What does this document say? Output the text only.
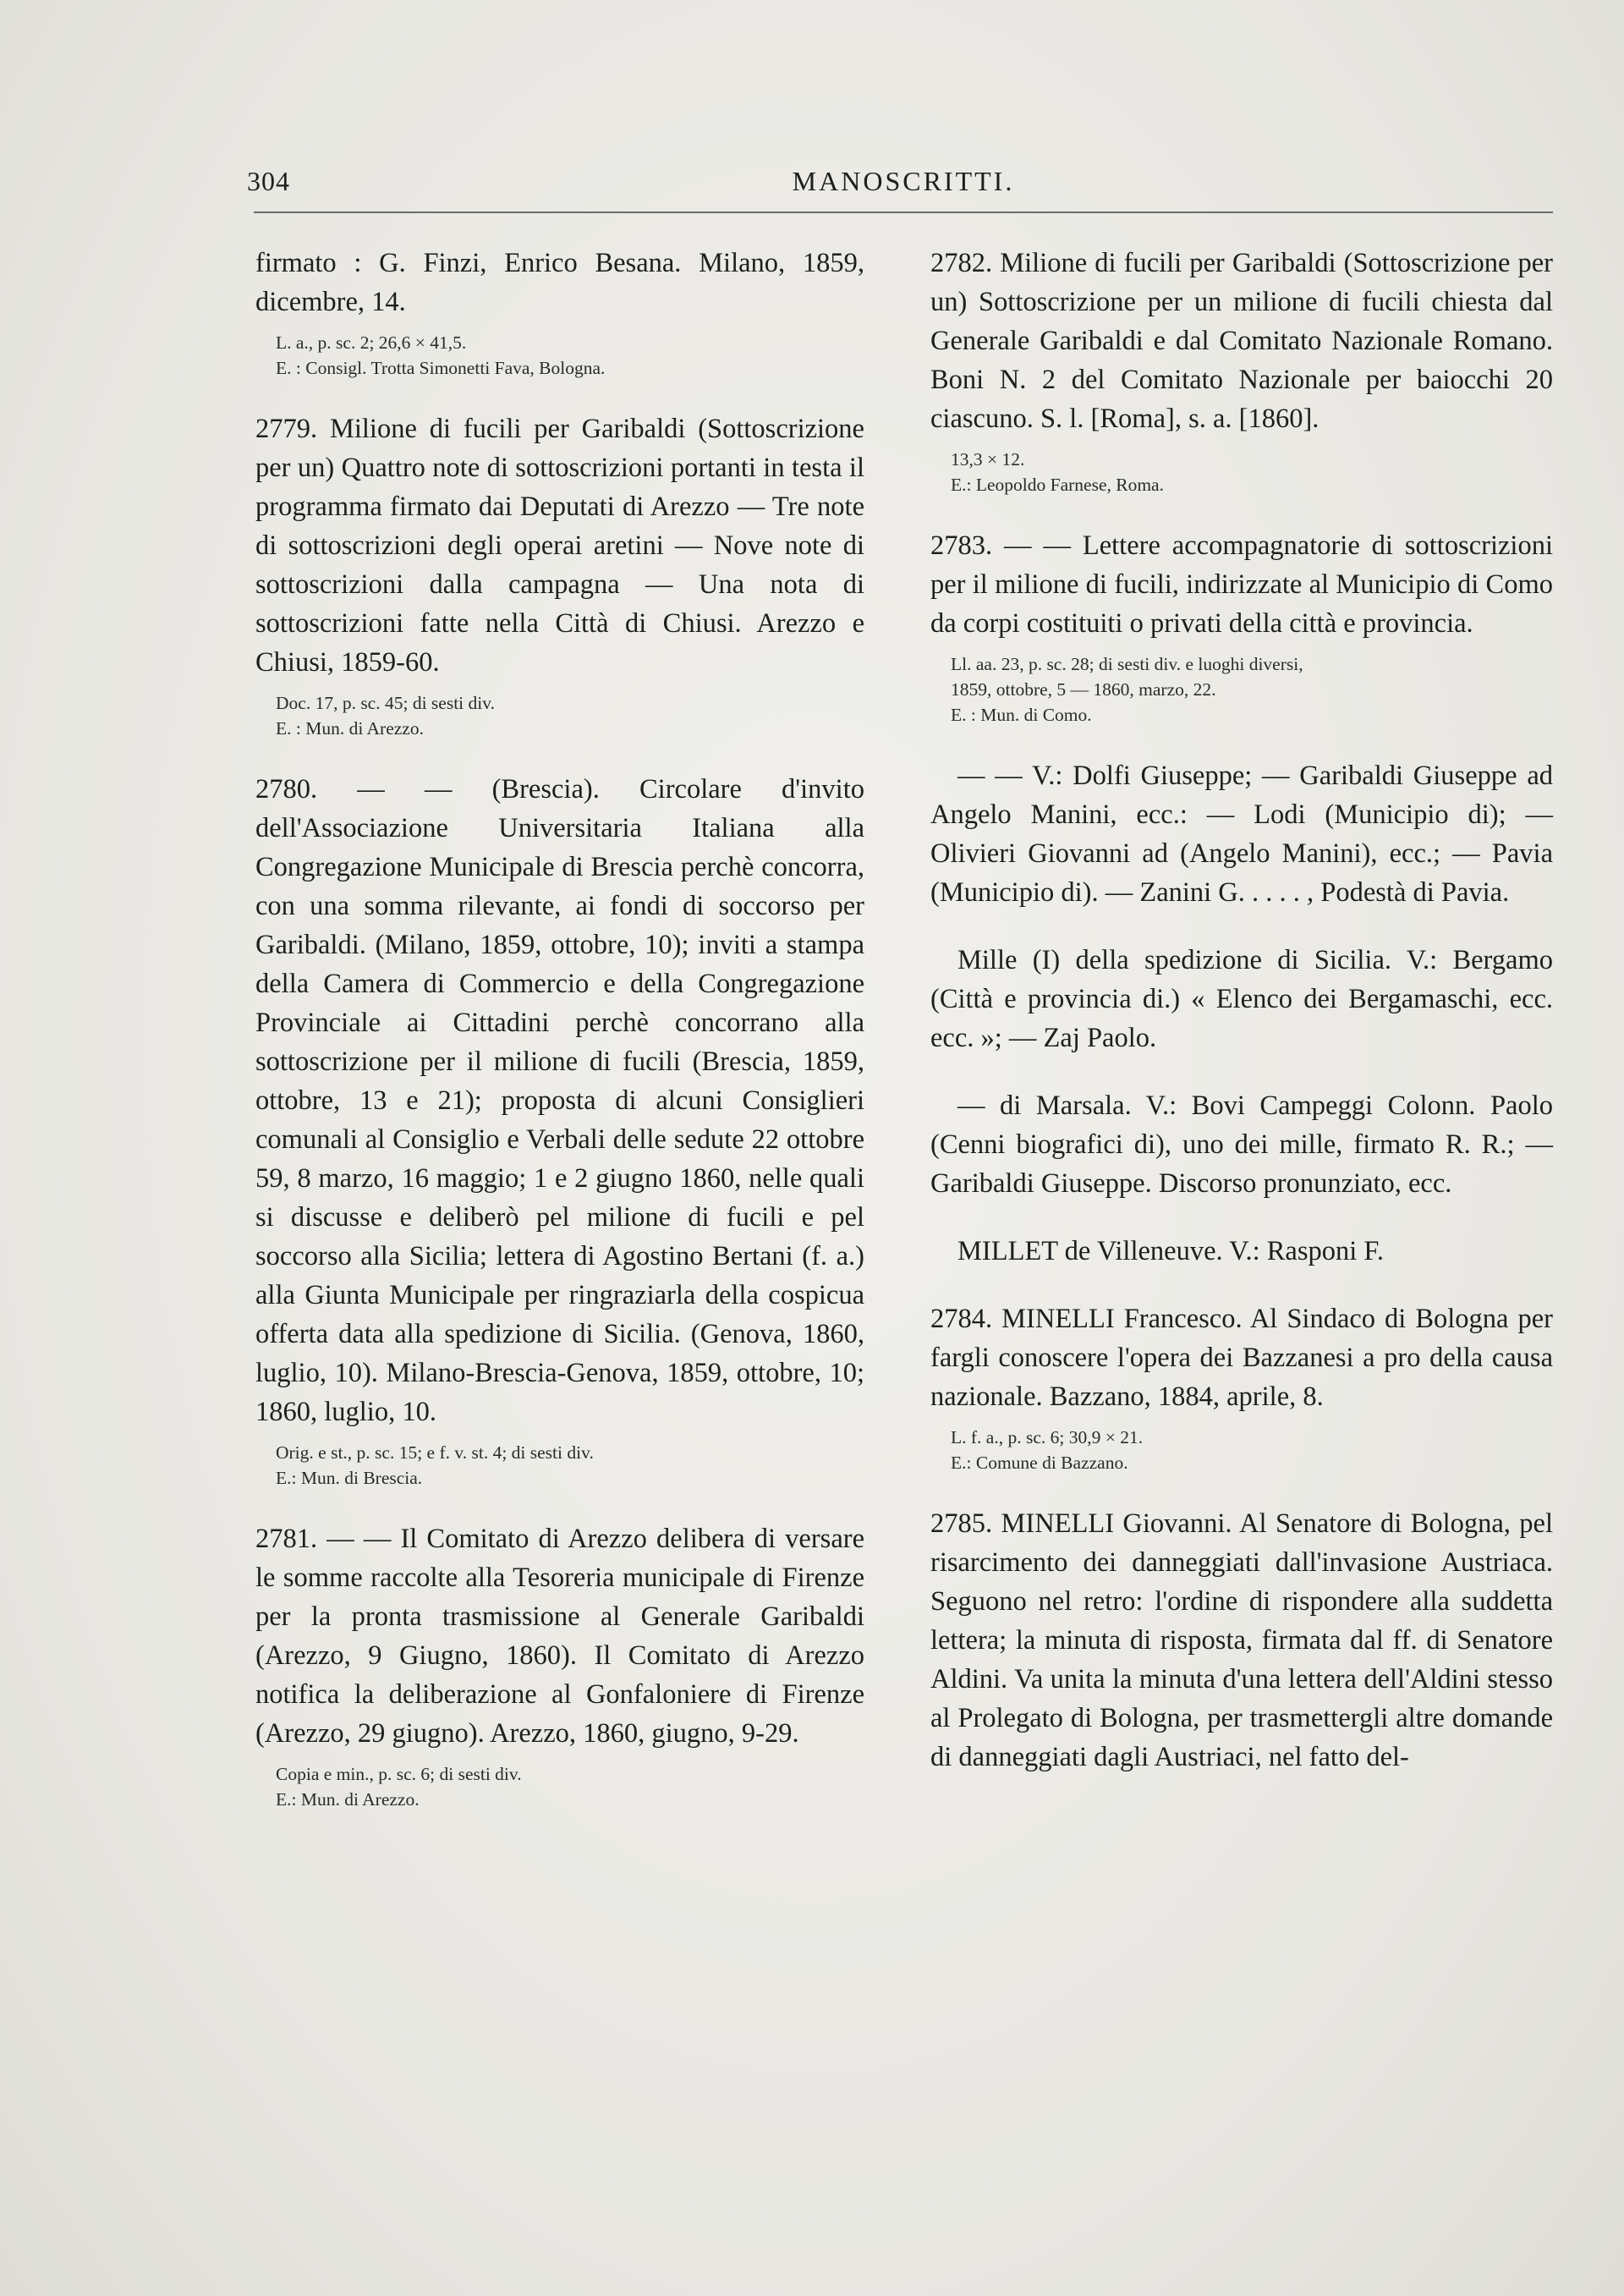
304	MANOSCRITTI.

firmato : G. Finzi, Enrico Besana. Milano, 1859, dicembre, 14.

L. a., p. sc. 2; 26,6 × 41,5.
E. : Consigl. Trotta Simonetti Fava, Bologna.

2779. Milione di fucili per Garibaldi (Sottoscrizione per un) Quattro note di sottoscrizioni portanti in testa il programma firmato dai Deputati di Arezzo — Tre note di sottoscrizioni degli operai aretini — Nove note di sottoscrizioni dalla campagna — Una nota di sottoscrizioni fatte nella Città di Chiusi. Arezzo e Chiusi, 1859-60.

Doc. 17, p. sc. 45; di sesti div.
E. : Mun. di Arezzo.

2780. — — (Brescia). Circolare d'invito dell'Associazione Universitaria Italiana alla Congregazione Municipale di Brescia perchè concorra, con una somma rilevante, ai fondi di soccorso per Garibaldi. (Milano, 1859, ottobre, 10); inviti a stampa della Camera di Commercio e della Congregazione Provinciale ai Cittadini perchè concorrano alla sottoscrizione per il milione di fucili (Brescia, 1859, ottobre, 13 e 21); proposta di alcuni Consiglieri comunali al Consiglio e Verbali delle sedute 22 ottobre 59, 8 marzo, 16 maggio; 1 e 2 giugno 1860, nelle quali si discusse e deliberò pel milione di fucili e pel soccorso alla Sicilia; lettera di Agostino Bertani (f. a.) alla Giunta Municipale per ringraziarla della cospicua offerta data alla spedizione di Sicilia. (Genova, 1860, luglio, 10). Milano-Brescia-Genova, 1859, ottobre, 10; 1860, luglio, 10.

Orig. e st., p. sc. 15; e f. v. st. 4; di sesti div.
E.: Mun. di Brescia.

2781. — — Il Comitato di Arezzo delibera di versare le somme raccolte alla Tesoreria municipale di Firenze per la pronta trasmissione al Generale Garibaldi (Arezzo, 9 Giugno, 1860). Il Comitato di Arezzo notifica la deliberazione al Gonfaloniere di Firenze (Arezzo, 29 giugno). Arezzo, 1860, giugno, 9-29.

Copia e min., p. sc. 6; di sesti div.
E.: Mun. di Arezzo.

2782. Milione di fucili per Garibaldi (Sottoscrizione per un) Sottoscrizione per un milione di fucili chiesta dal Generale Garibaldi e dal Comitato Nazionale Romano. Boni N. 2 del Comitato Nazionale per baiocchi 20 ciascuno. S. l. [Roma], s. a. [1860].

13,3 × 12.
E.: Leopoldo Farnese, Roma.

2783. — — Lettere accompagnatorie di sottoscrizioni per il milione di fucili, indirizzate al Municipio di Como da corpi costituiti o privati della città e provincia.

Ll. aa. 23, p. sc. 28; di sesti div. e luoghi diversi,
1859, ottobre, 5 — 1860, marzo, 22.
E. : Mun. di Como.

— — V.: Dolfi Giuseppe; — Garibaldi Giuseppe ad Angelo Manini, ecc.: — Lodi (Municipio di); — Olivieri Giovanni ad (Angelo Manini), ecc.; — Pavia (Municipio di). — Zanini G. . . . . , Podestà di Pavia.

Mille (I) della spedizione di Sicilia. V.: Bergamo (Città e provincia di.) « Elenco dei Bergamaschi, ecc. ecc. »; — Zaj Paolo.

— di Marsala. V.: Bovi Campeggi Colonn. Paolo (Cenni biografici di), uno dei mille, firmato R. R.; — Garibaldi Giuseppe. Discorso pronunziato, ecc.

MILLET de Villeneuve. V.: Rasponi F.

2784. MINELLI Francesco. Al Sindaco di Bologna per fargli conoscere l'opera dei Bazzanesi a pro della causa nazionale. Bazzano, 1884, aprile, 8.

L. f. a., p. sc. 6; 30,9 × 21.
E.: Comune di Bazzano.

2785. MINELLI Giovanni. Al Senatore di Bologna, pel risarcimento dei danneggiati dall'invasione Austriaca. Seguono nel retro: l'ordine di rispondere alla suddetta lettera; la minuta di risposta, firmata dal ff. di Senatore Aldini. Va unita la minuta d'una lettera dell'Aldini stesso al Prolegato di Bologna, per trasmettergli altre domande di danneggiati dagli Austriaci, nel fatto del-
